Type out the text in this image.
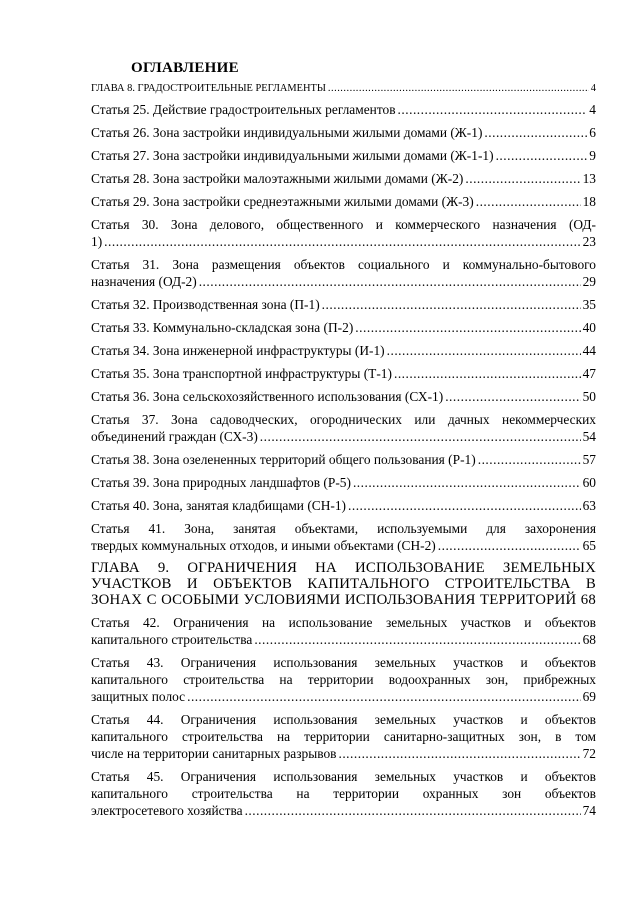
ОГЛАВЛЕНИЕ
ГЛАВА 8. ГРАДОСТРОИТЕЛЬНЫЕ РЕГЛАМЕНТЫ .....	4
Статья 25. Действие градостроительных регламентов .....	4
Статья 26. Зона застройки индивидуальными жилыми домами (Ж-1) .....	6
Статья 27. Зона застройки индивидуальными жилыми домами (Ж-1-1) .....	9
Статья 28. Зона застройки малоэтажными жилыми домами (Ж-2) .....	13
Статья 29. Зона застройки среднеэтажными жилыми домами (Ж-3) .....	18
Статья 30. Зона делового, общественного и коммерческого назначения (ОД-
1) .....	23
Статья 31. Зона размещения объектов социального и коммунально-бытового
назначения (ОД-2) .....	29
Статья 32. Производственная зона (П-1) .....	35
Статья 33. Коммунально-складская зона (П-2) .....	40
Статья 34. Зона инженерной инфраструктуры (И-1) .....	44
Статья 35. Зона транспортной инфраструктуры (Т-1) .....	47
Статья 36. Зона сельскохозяйственного использования (СХ-1) .....	50
Статья 37. Зона садоводческих, огороднических или дачных некоммерческих
объединений граждан (СХ-3) .....	54
Статья 38. Зона озелененных территорий общего пользования (Р-1) .....	57
Статья 39. Зона природных ландшафтов (Р-5) .....	60
Статья 40. Зона, занятая кладбищами (СН-1) .....	63
Статья 41. Зона, занятая объектами, используемыми для захоронения
твердых коммунальных отходов, и иными объектами (СН-2) .....	65
ГЛАВА 9. ОГРАНИЧЕНИЯ НА ИСПОЛЬЗОВАНИЕ ЗЕМЕЛЬНЫХ
УЧАСТКОВ И ОБЪЕКТОВ КАПИТАЛЬНОГО СТРОИТЕЛЬСТВА В
ЗОНАХ С ОСОБЫМИ УСЛОВИЯМИ ИСПОЛЬЗОВАНИЯ ТЕРРИТОРИЙ 68
Статья 42. Ограничения на использование земельных участков и объектов
капитального строительства .....	68
Статья 43. Ограничения использования земельных участков и объектов
капитального строительства на территории водоохранных зон, прибрежных
защитных полос .....	69
Статья 44. Ограничения использования земельных участков и объектов
капитального строительства на территории санитарно-защитных зон, в том
числе на территории санитарных разрывов .....	72
Статья 45. Ограничения использования земельных участков и объектов
капитального строительства на территории охранных зон объектов
электросетевого хозяйства .....	74
